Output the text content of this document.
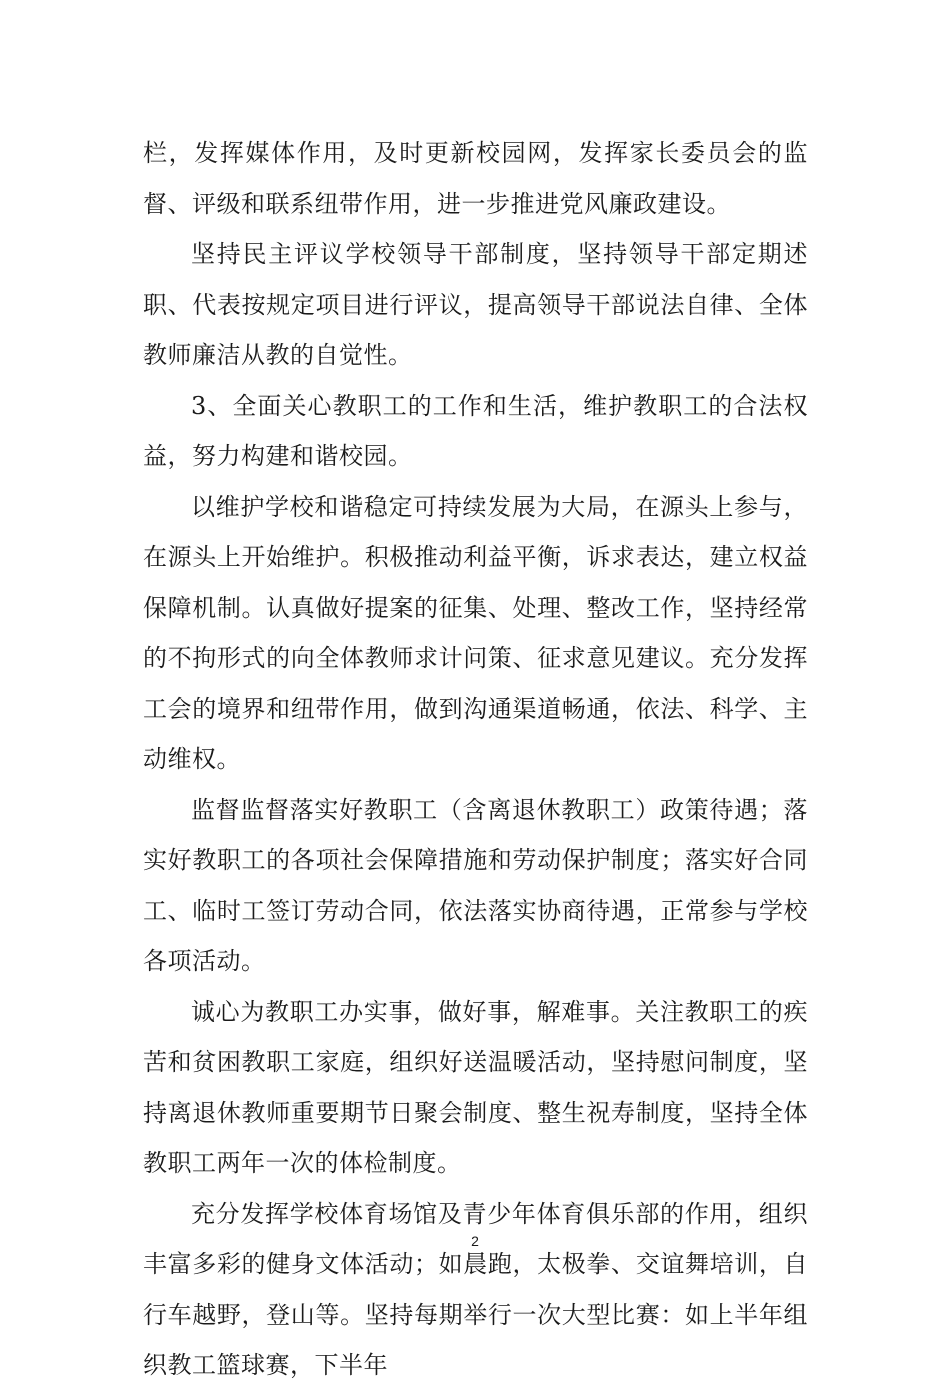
栏，发挥媒体作用，及时更新校园网，发挥家长委员会的监督、评级和联系纽带作用，进一步推进党风廉政建设。

坚持民主评议学校领导干部制度，坚持领导干部定期述职、代表按规定项目进行评议，提高领导干部说法自律、全体教师廉洁从教的自觉性。

3、全面关心教职工的工作和生活，维护教职工的合法权益，努力构建和谐校园。

以维护学校和谐稳定可持续发展为大局，在源头上参与，在源头上开始维护。积极推动利益平衡，诉求表达，建立权益保障机制。认真做好提案的征集、处理、整改工作，坚持经常的不拘形式的向全体教师求计问策、征求意见建议。充分发挥工会的境界和纽带作用，做到沟通渠道畅通，依法、科学、主动维权。

监督监督落实好教职工（含离退休教职工）政策待遇；落实好教职工的各项社会保障措施和劳动保护制度；落实好合同工、临时工签订劳动合同，依法落实协商待遇，正常参与学校各项活动。

诚心为教职工办实事，做好事，解难事。关注教职工的疾苦和贫困教职工家庭，组织好送温暖活动，坚持慰问制度，坚持离退休教师重要期节日聚会制度、整生祝寿制度，坚持全体教职工两年一次的体检制度。

充分发挥学校体育场馆及青少年体育俱乐部的作用，组织丰富多彩的健身文体活动；如晨跑，太极拳、交谊舞培训，自行车越野，登山等。坚持每期举行一次大型比赛：如上半年组织教工篮球赛，下半年

2
